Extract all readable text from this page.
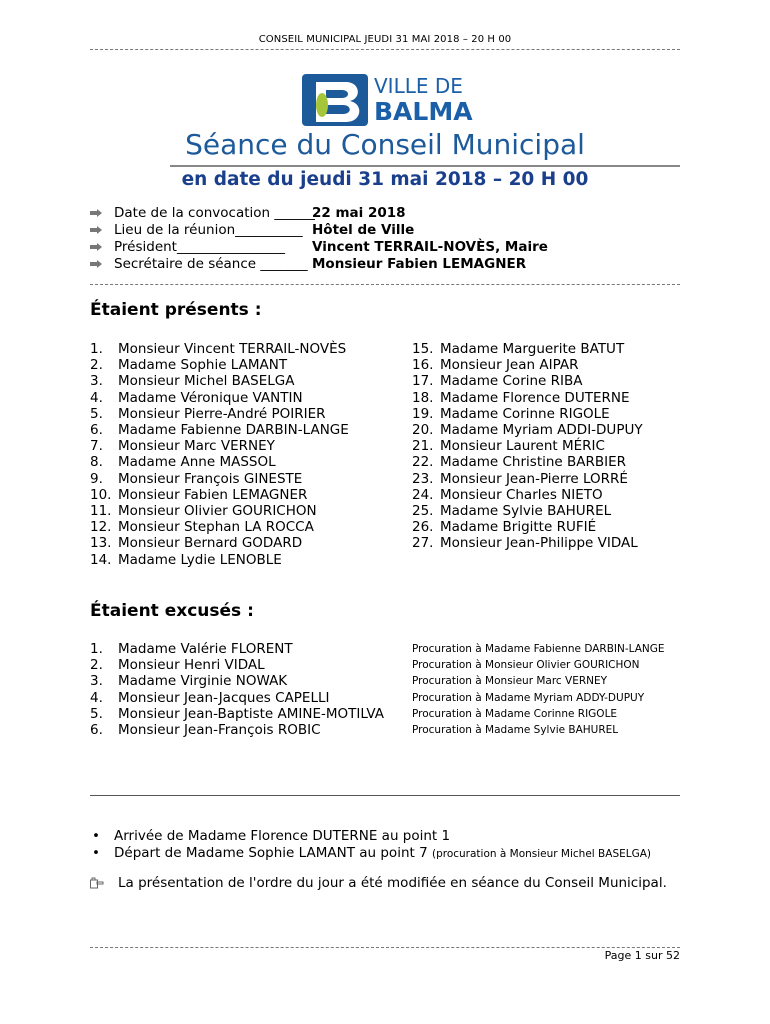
CONSEIL MUNICIPAL JEUDI 31 MAI 2018 – 20 H 00
VILLE DE
BALMA
Séance du Conseil Municipal
en date du jeudi 31 mai 2018 – 20 H 00
Date de la convocation ______
22 mai 2018
Lieu de la réunion__________ Hôtel de Ville
Président________________ Vincent TERRAIL-NOVÈS, Maire
Secrétaire de séance _______ Monsieur Fabien LEMAGNER
Étaient présents :
1. Monsieur Vincent TERRAIL-NOVÈS
2. Madame Sophie LAMANT
3. Monsieur Michel BASELGA
4. Madame Véronique VANTIN
5. Monsieur Pierre-André POIRIER
6. Madame Fabienne DARBIN-LANGE
7. Monsieur Marc VERNEY
8. Madame Anne MASSOL
9. Monsieur François GINESTE
10. Monsieur Fabien LEMAGNER
11. Monsieur Olivier GOURICHON
12. Monsieur Stephan LA ROCCA
13. Monsieur Bernard GODARD
14. Madame Lydie LENOBLE
15. Madame Marguerite BATUT
16. Monsieur Jean AIPAR
17. Madame Corine RIBA
18. Madame Florence DUTERNE
19. Madame Corinne RIGOLE
20. Madame Myriam ADDI-DUPUY
21. Monsieur Laurent MÉRIC
22. Madame Christine BARBIER
23. Monsieur Jean-Pierre LORRÉ
24. Monsieur Charles NIETO
25. Madame Sylvie BAHUREL
26. Madame Brigitte RUFIÉ
27. Monsieur Jean-Philippe VIDAL
Étaient excusés :
1. Madame Valérie FLORENT
2. Monsieur Henri VIDAL
3. Madame Virginie NOWAK
4. Monsieur Jean-Jacques CAPELLI
5. Monsieur Jean-Baptiste AMINE-MOTILVA
6. Monsieur Jean-François ROBIC
Procuration à Madame Fabienne DARBIN-LANGE
Procuration à Monsieur Olivier GOURICHON
Procuration à Monsieur Marc VERNEY
Procuration à Madame Myriam ADDY-DUPUY
Procuration à Madame Corinne RIGOLE
Procuration à Madame Sylvie BAHUREL
• Arrivée de Madame Florence DUTERNE au point 1
• Départ de Madame Sophie LAMANT au point 7 (procuration à Monsieur Michel BASELGA)
La présentation de l'ordre du jour a été modifiée en séance du Conseil Municipal.
Page 1 sur 52
